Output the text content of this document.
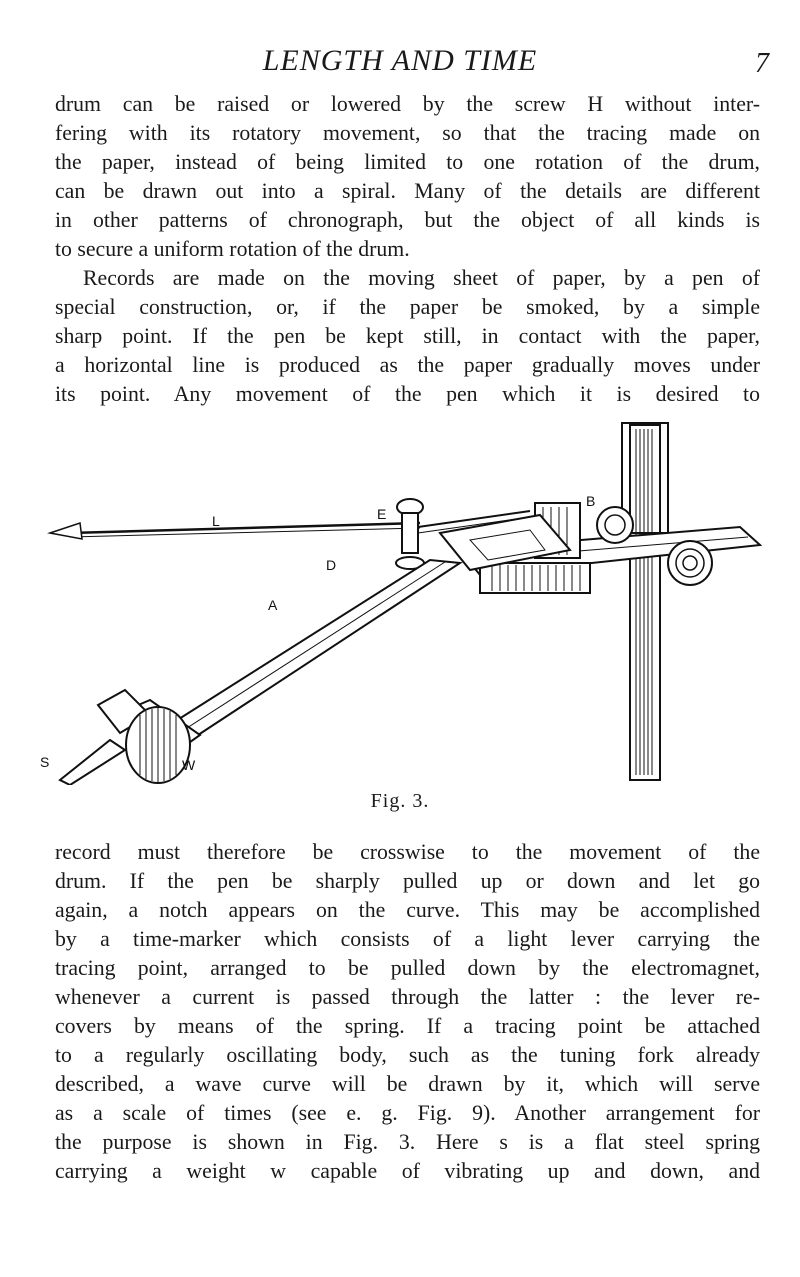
LENGTH AND TIME	7
drum can be raised or lowered by the screw H without inter-
fering with its rotatory movement, so that the tracing made on
the paper, instead of being limited to one rotation of the drum,
can be drawn out into a spiral. Many of the details are different
in other patterns of chronograph, but the object of all kinds is
to secure a uniform rotation of the drum.
Records are made on the moving sheet of paper, by a pen of
special construction, or, if the paper be smoked, by a simple
sharp point. If the pen be kept still, in contact with the paper,
a horizontal line is produced as the paper gradually moves under
its point. Any movement of the pen which it is desired to
L	E
B
D
A
S	W
Fig. 3.
record must therefore be crosswise to the movement of the
drum. If the pen be sharply pulled up or down and let go
again, a notch appears on the curve. This may be accomplished
by a time-marker which consists of a light lever carrying the
tracing point, arranged to be pulled down by the electromagnet,
whenever a current is passed through the latter : the lever re-
covers by means of the spring. If a tracing point be attached
to a regularly oscillating body, such as the tuning fork already
described, a wave curve will be drawn by it, which will serve
as a scale of times (see e. g. Fig. 9). Another arrangement for
the purpose is shown in Fig. 3. Here s is a flat steel spring
carrying a weight w capable of vibrating up and down, and
